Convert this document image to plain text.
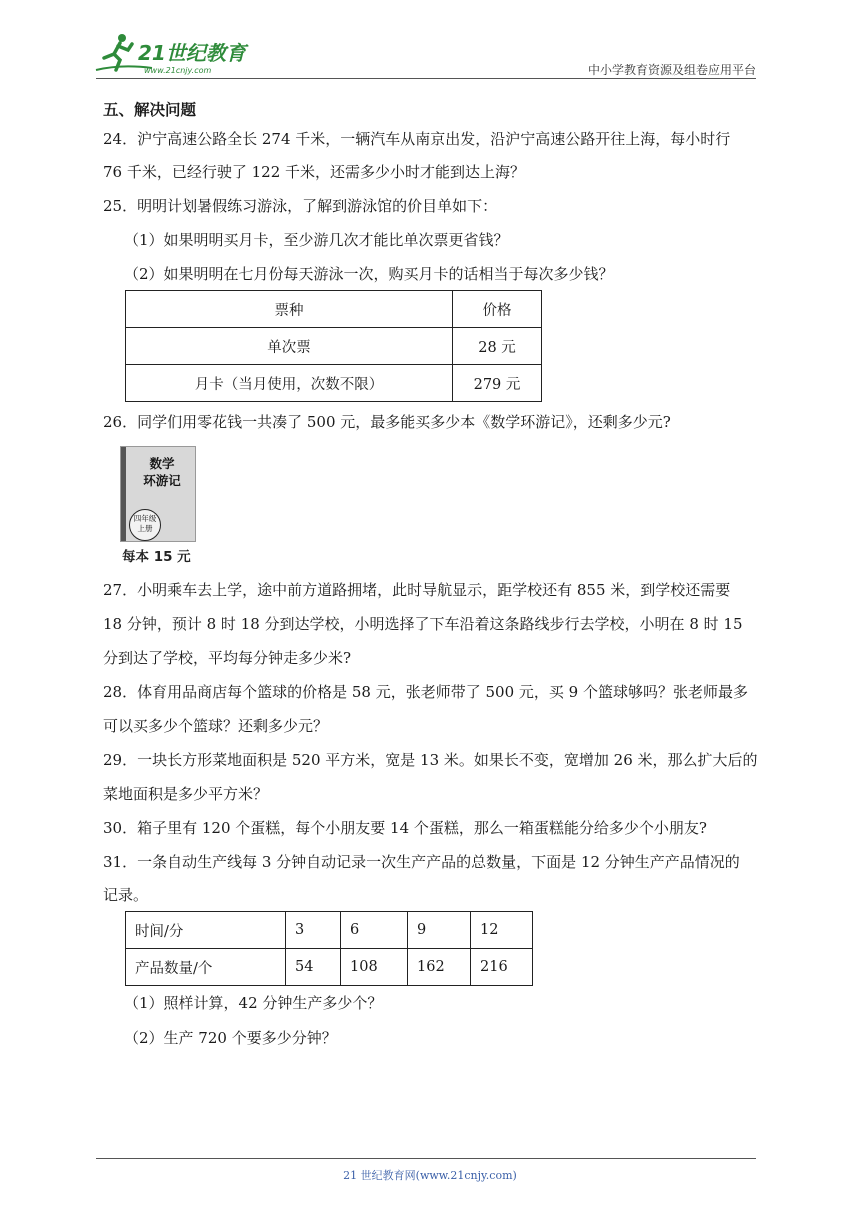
21世纪教育
www.21cnjy.com	中小学教育资源及组卷应用平台
五、解决问题
24．沪宁高速公路全长 274 千米，一辆汽车从南京出发，沿沪宁高速公路开往上海，每小时行
76 千米，已经行驶了 122 千米，还需多少小时才能到达上海？
25．明明计划暑假练习游泳，了解到游泳馆的价目单如下：
（1）如果明明买月卡，至少游几次才能比单次票更省钱？
（2）如果明明在七月份每天游泳一次，购买月卡的话相当于每次多少钱？
票种	价格
单次票	28 元
月卡（当月使用，次数不限）	279 元
26．同学们用零花钱一共凑了 500 元，最多能买多少本《数学环游记》，还剩多少元?
数学
环游记
四年级
上册
每本 15 元
27．小明乘车去上学，途中前方道路拥堵，此时导航显示，距学校还有 855 米，到学校还需要
18 分钟，预计 8 时 18 分到达学校，小明选择了下车沿着这条路线步行去学校，小明在 8 时 15
分到达了学校，平均每分钟走多少米?
28．体育用品商店每个篮球的价格是 58 元，张老师带了 500 元，买 9 个篮球够吗？张老师最多
可以买多少个篮球？还剩多少元？
29．一块长方形菜地面积是 520 平方米，宽是 13 米。如果长不变，宽增加 26 米，那么扩大后的
菜地面积是多少平方米？
30．箱子里有 120 个蛋糕，每个小朋友要 14 个蛋糕，那么一箱蛋糕能分给多少个小朋友?
31．一条自动生产线每 3 分钟自动记录一次生产产品的总数量，下面是 12 分钟生产产品情况的
记录。
时间/分	3	6	9	12
产品数量/个	54	108	162	216
（1）照样计算，42 分钟生产多少个？
（2）生产 720 个要多少分钟？
21 世纪教育网(www.21cnjy.com)
